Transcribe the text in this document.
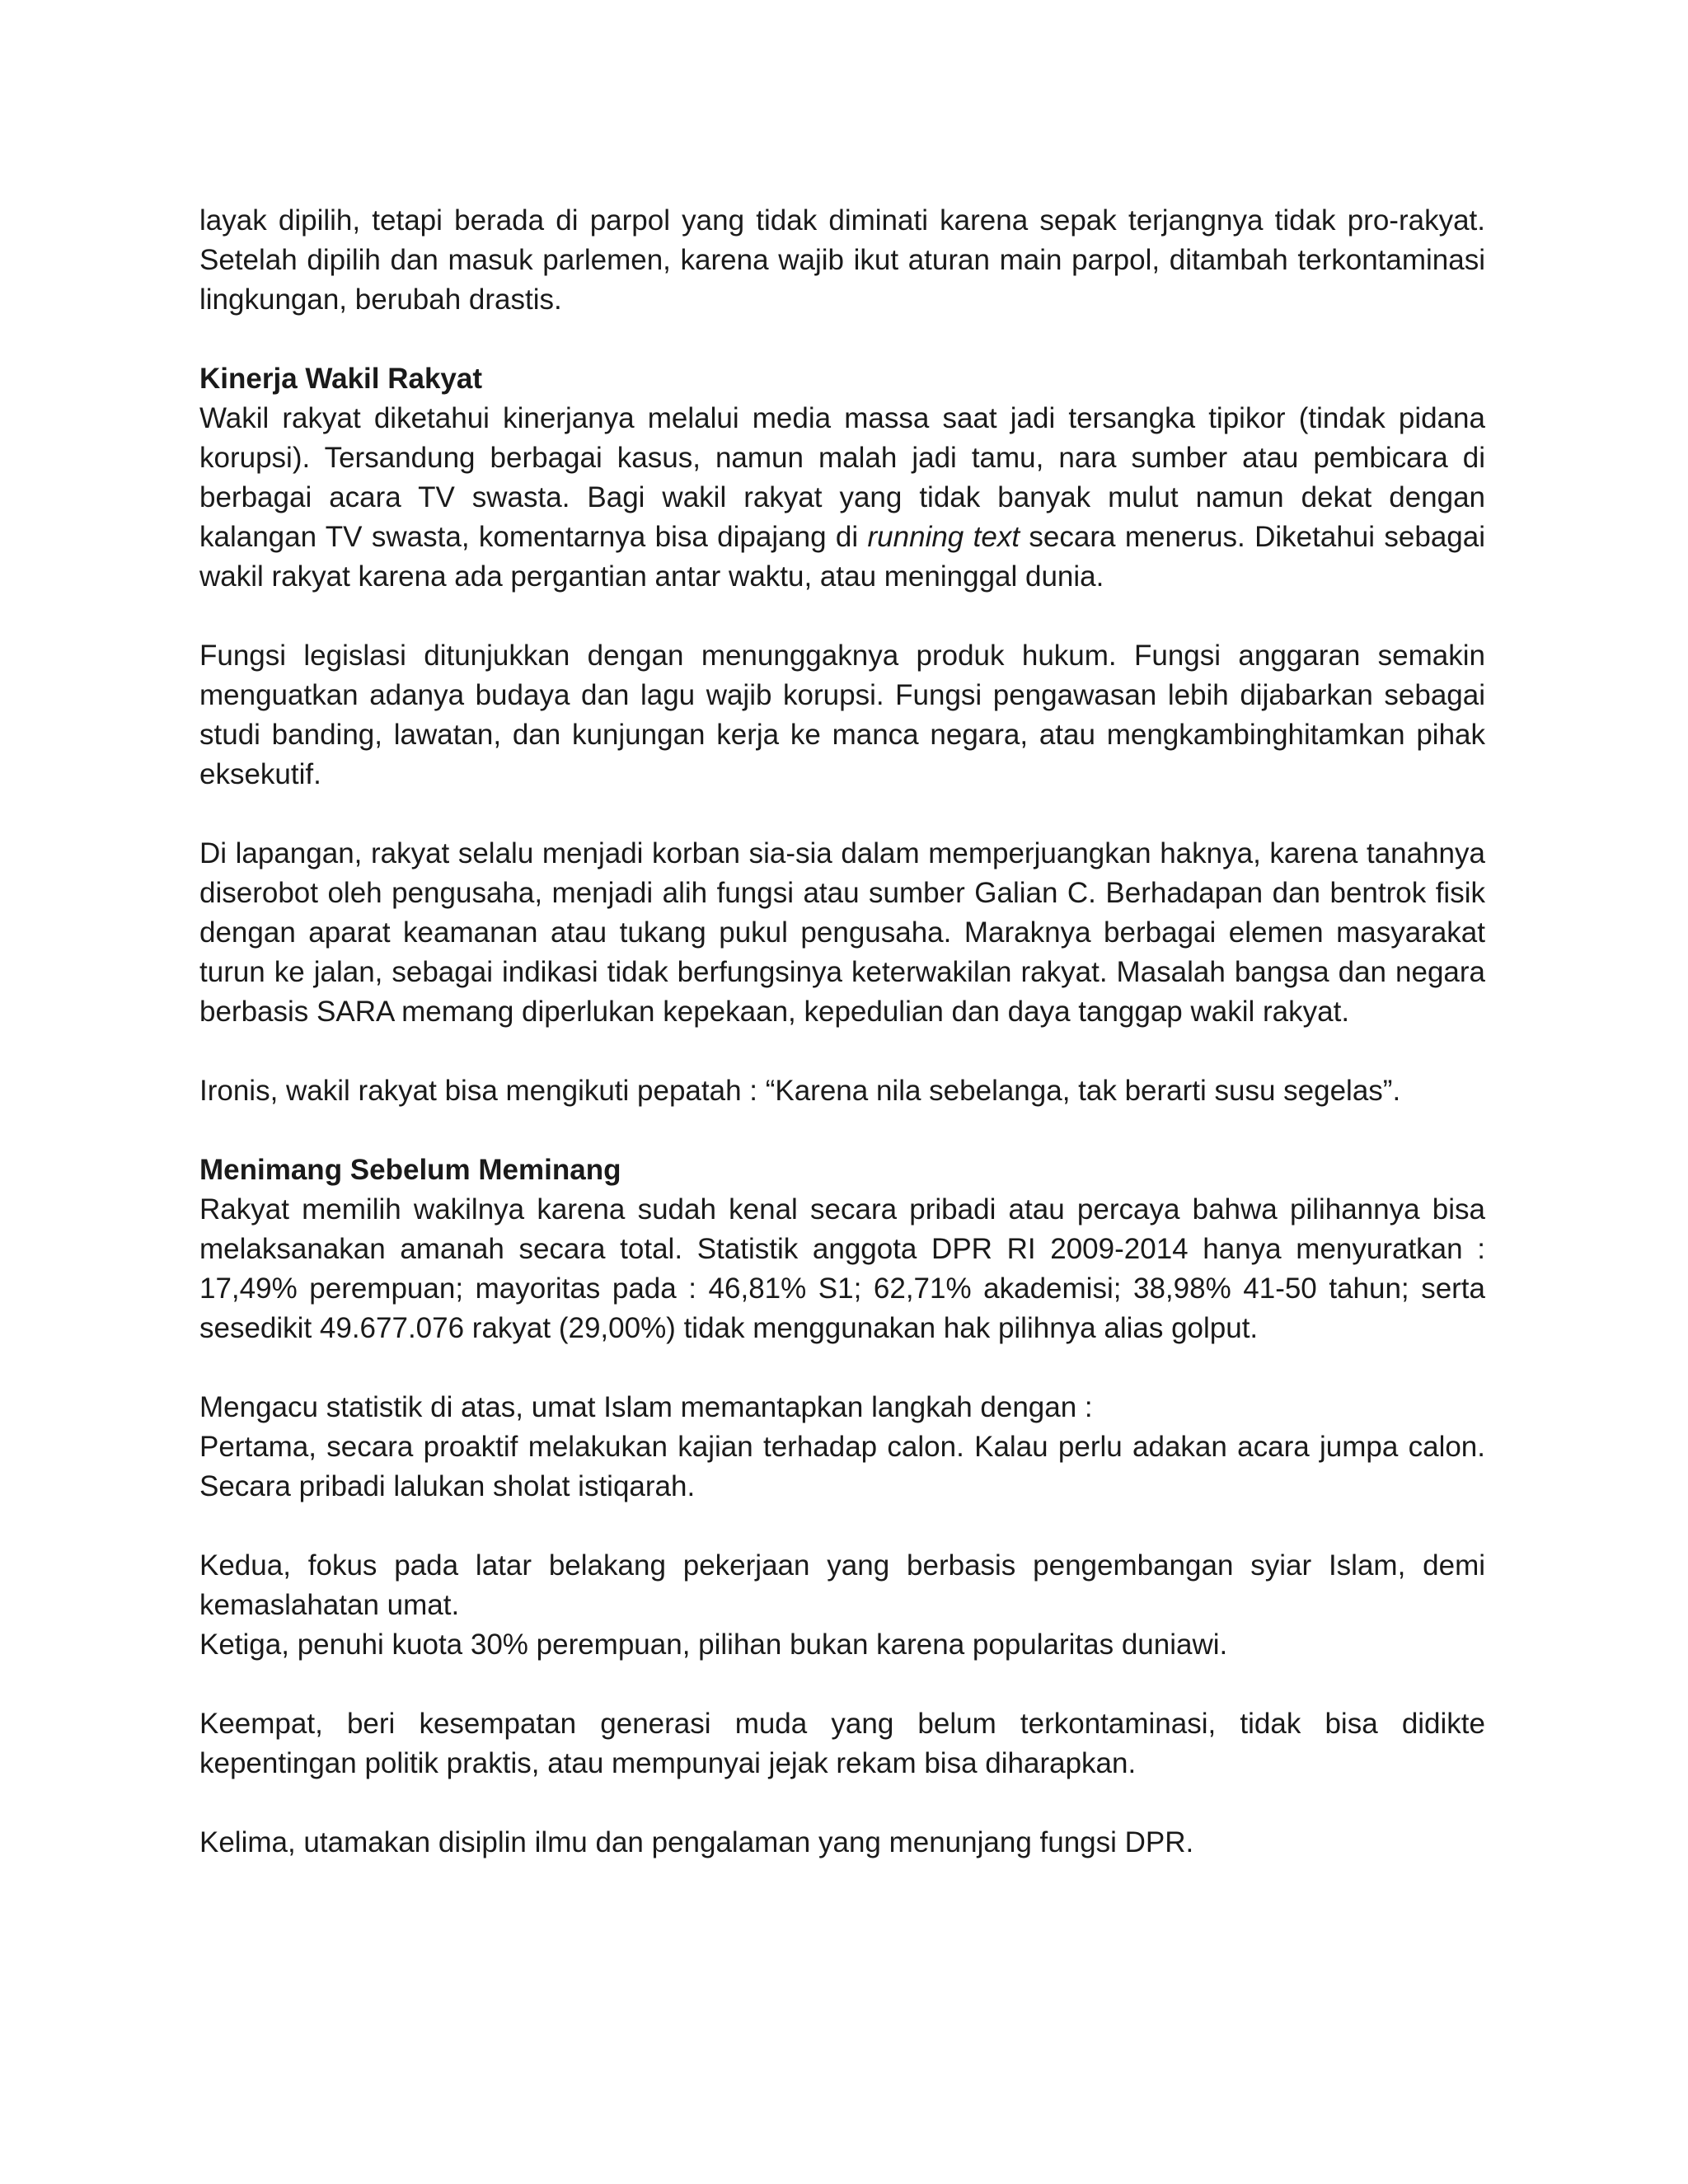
layak dipilih, tetapi berada di parpol yang tidak diminati karena sepak terjangnya tidak pro-rakyat. Setelah dipilih dan masuk parlemen, karena wajib ikut aturan main parpol, ditambah terkontaminasi lingkungan, berubah drastis.

Kinerja Wakil Rakyat

Wakil rakyat diketahui kinerjanya melalui media massa saat jadi tersangka tipikor (tindak pidana korupsi). Tersandung berbagai kasus, namun malah jadi tamu, nara sumber atau pembicara di berbagai acara TV swasta. Bagi wakil rakyat yang tidak banyak mulut namun dekat dengan kalangan TV swasta, komentarnya bisa dipajang di running text secara menerus. Diketahui sebagai wakil rakyat karena ada pergantian antar waktu, atau meninggal dunia.

Fungsi legislasi ditunjukkan dengan menunggaknya produk hukum. Fungsi anggaran semakin menguatkan adanya budaya dan lagu wajib korupsi. Fungsi pengawasan lebih dijabarkan sebagai studi banding, lawatan, dan kunjungan kerja ke manca negara, atau mengkambinghitamkan pihak eksekutif.

Di lapangan, rakyat selalu menjadi korban sia-sia dalam memperjuangkan haknya, karena tanahnya diserobot oleh pengusaha, menjadi alih fungsi atau sumber Galian C. Berhadapan dan bentrok fisik dengan aparat keamanan atau tukang pukul pengusaha. Maraknya berbagai elemen masyarakat turun ke jalan, sebagai indikasi tidak berfungsinya keterwakilan rakyat. Masalah bangsa dan negara berbasis SARA memang diperlukan kepekaan, kepedulian dan daya tanggap wakil rakyat.

Ironis, wakil rakyat bisa mengikuti pepatah : “Karena nila sebelanga, tak berarti susu segelas”.

Menimang Sebelum Meminang

Rakyat memilih wakilnya karena sudah kenal secara pribadi atau percaya bahwa pilihannya bisa melaksanakan amanah secara total. Statistik anggota DPR RI 2009-2014 hanya menyuratkan : 17,49% perempuan; mayoritas pada : 46,81% S1; 62,71% akademisi; 38,98% 41-50 tahun; serta sesedikit 49.677.076 rakyat (29,00%) tidak menggunakan hak pilihnya alias golput.

Mengacu statistik di atas, umat Islam memantapkan langkah dengan :

Pertama, secara proaktif melakukan kajian terhadap calon. Kalau perlu adakan acara jumpa calon. Secara pribadi lalukan sholat istiqarah.

Kedua, fokus pada latar belakang pekerjaan yang berbasis pengembangan syiar Islam, demi kemaslahatan umat.

Ketiga, penuhi kuota 30% perempuan, pilihan bukan karena popularitas duniawi.

Keempat, beri kesempatan generasi muda yang belum terkontaminasi, tidak bisa didikte kepentingan politik praktis, atau mempunyai jejak rekam bisa diharapkan.

Kelima, utamakan disiplin ilmu dan pengalaman yang menunjang fungsi DPR.
